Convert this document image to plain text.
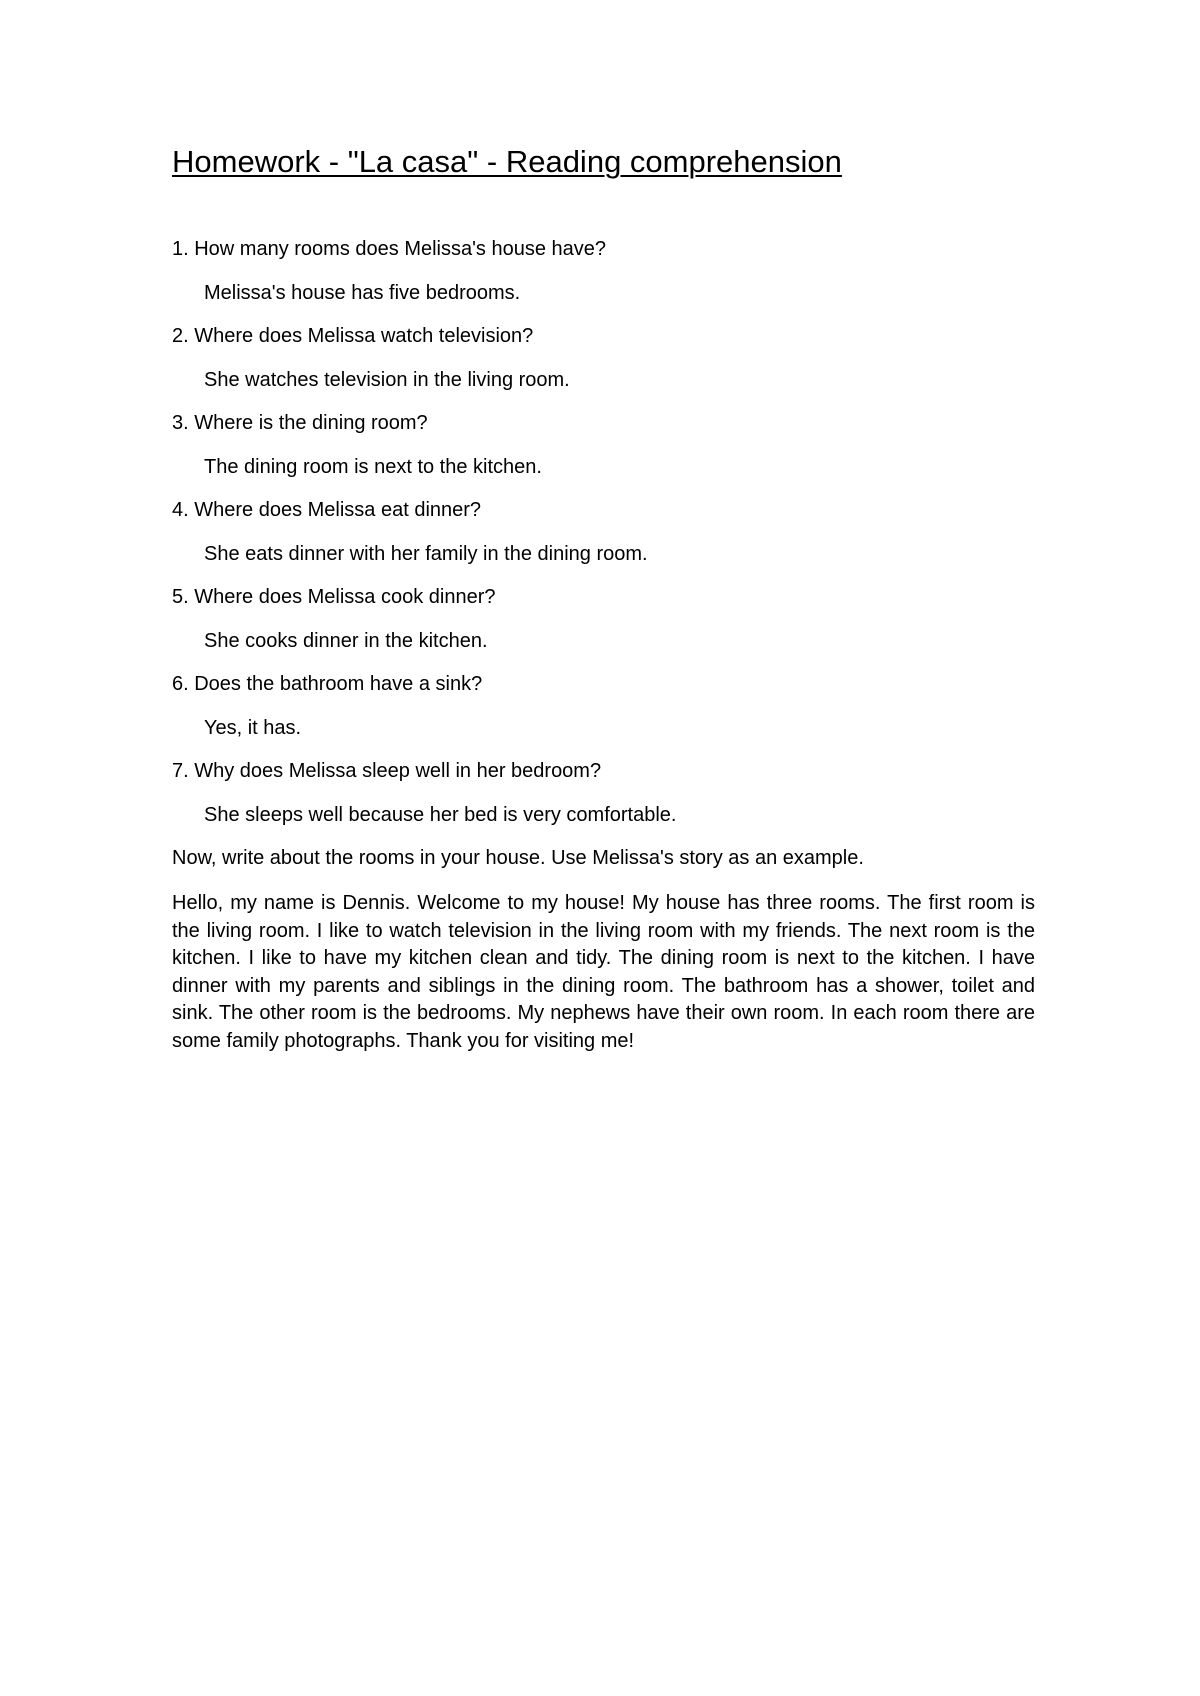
Homework - "La casa" - Reading comprehension
1. How many rooms does Melissa's house have?
Melissa's house has five bedrooms.
2. Where does Melissa watch television?
She watches television in the living room.
3. Where is the dining room?
The dining room is next to the kitchen.
4. Where does Melissa eat dinner?
She eats dinner with her family in the dining room.
5. Where does Melissa cook dinner?
She cooks dinner in the kitchen.
6. Does the bathroom have a sink?
Yes, it has.
7. Why does Melissa sleep well in her bedroom?
She sleeps well because her bed is very comfortable.
Now, write about the rooms in your house. Use Melissa's story as an example.

Hello, my name is Dennis. Welcome to my house! My house has three rooms. The first room is the living room. I like to watch television in the living room with my friends. The next room is the kitchen. I like to have my kitchen clean and tidy. The dining room is next to the kitchen. I have dinner with my parents and siblings in the dining room. The bathroom has a shower, toilet and sink. The other room is the bedrooms. My nephews have their own room. In each room there are some family photographs. Thank you for visiting me!
